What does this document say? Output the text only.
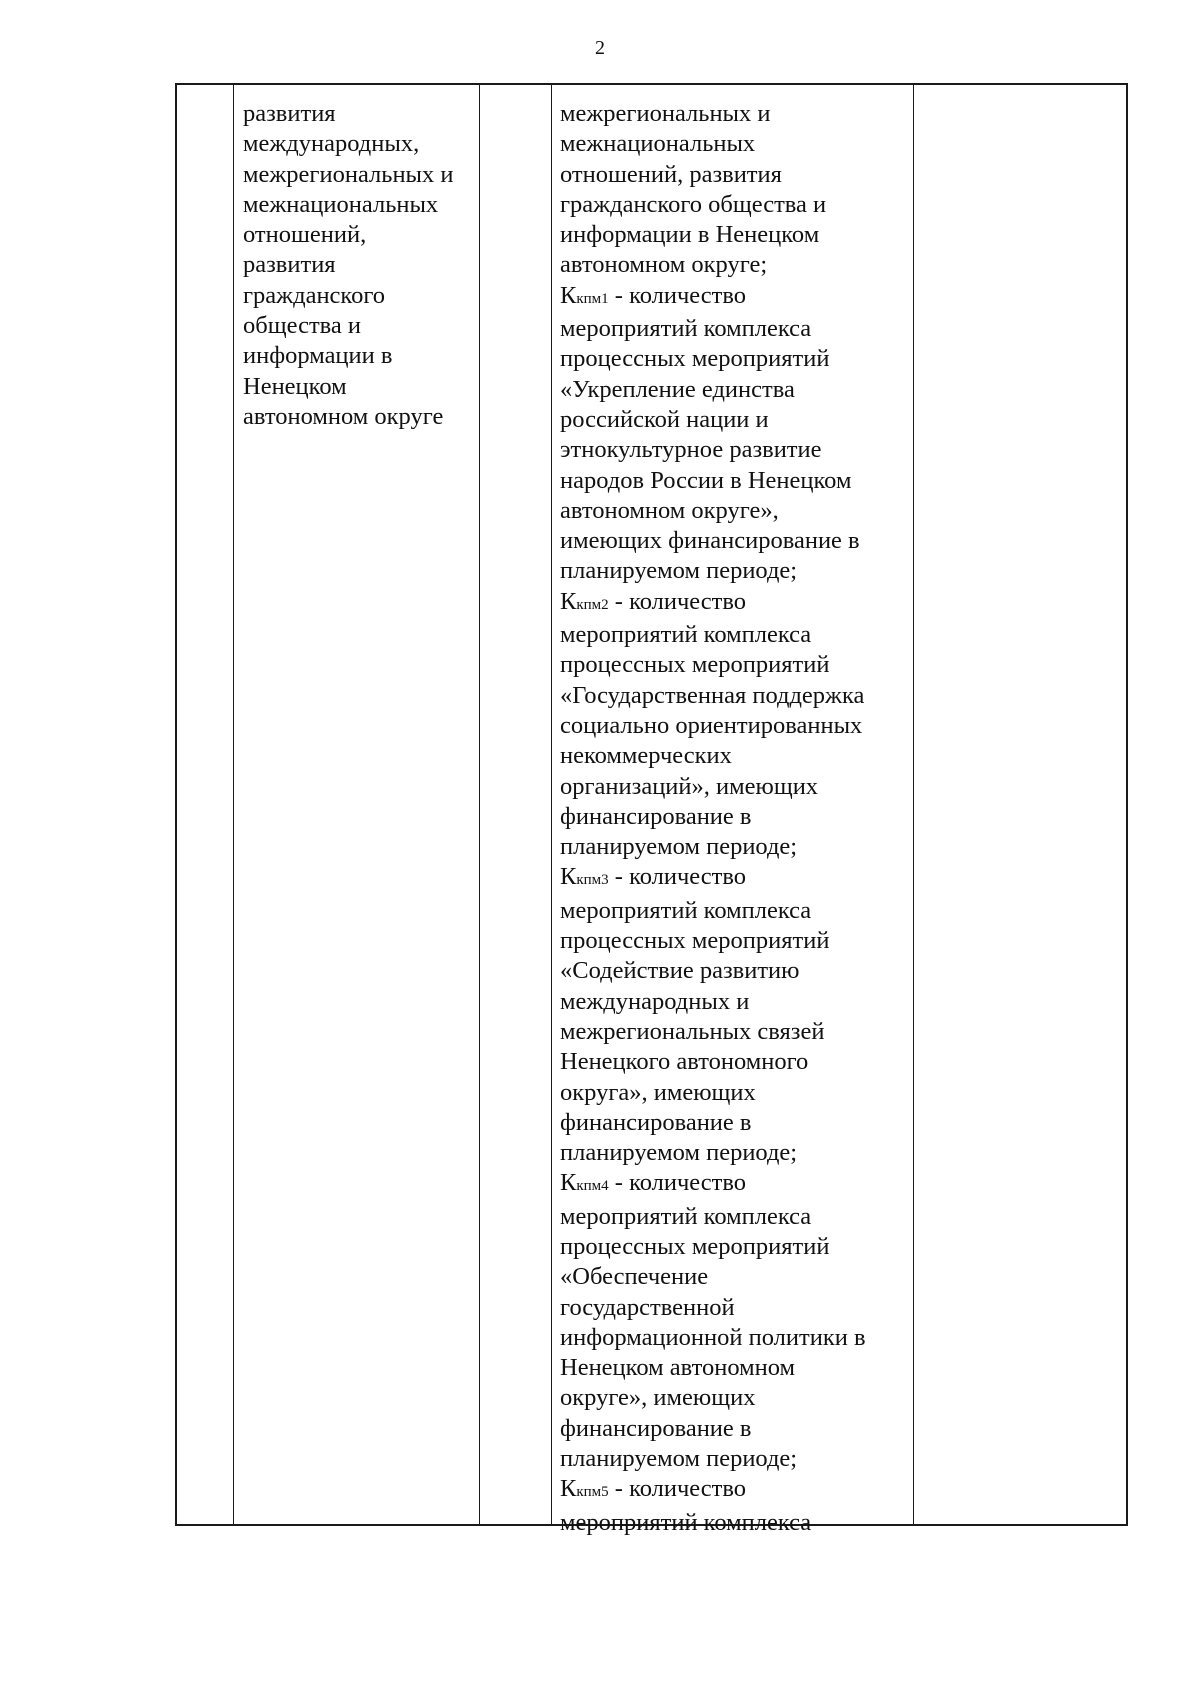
2
развития
международных,
межрегиональных и
межнациональных
отношений,
развития
гражданского
общества и
информации в
Ненецком
автономном округе
межрегиональных и
межнациональных
отношений, развития
гражданского общества и
информации в Ненецком
автономном округе;
Ккпм1 - количество
мероприятий комплекса
процессных мероприятий
«Укрепление единства
российской нации и
этнокультурное развитие
народов России в Ненецком
автономном округе»,
имеющих финансирование в
планируемом периоде;
Ккпм2 - количество
мероприятий комплекса
процессных мероприятий
«Государственная поддержка
социально ориентированных
некоммерческих
организаций», имеющих
финансирование в
планируемом периоде;
Ккпм3 - количество
мероприятий комплекса
процессных мероприятий
«Содействие развитию
международных и
межрегиональных связей
Ненецкого автономного
округа», имеющих
финансирование в
планируемом периоде;
Ккпм4 - количество
мероприятий комплекса
процессных мероприятий
«Обеспечение
государственной
информационной политики в
Ненецком автономном
округе», имеющих
финансирование в
планируемом периоде;
Ккпм5 - количество
мероприятий комплекса
